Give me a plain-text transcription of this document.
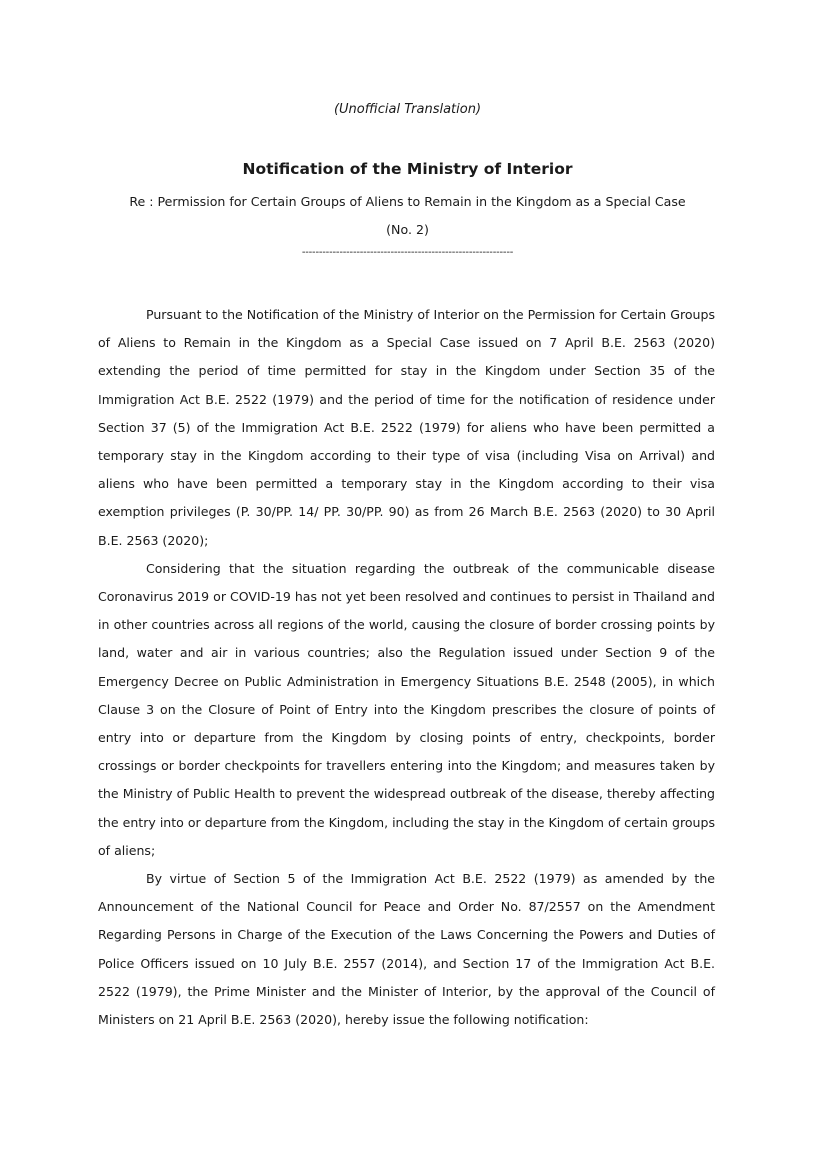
(Unofficial Translation)
Notification of the Ministry of Interior
Re : Permission for Certain Groups of Aliens to Remain in the Kingdom as a Special Case
(No. 2)
--------------------------------------------------------------

Pursuant to the Notification of the Ministry of Interior on the Permission for Certain Groups of Aliens to Remain in the Kingdom as a Special Case issued on 7 April B.E. 2563 (2020) extending the period of time permitted for stay in the Kingdom under Section 35 of the Immigration Act B.E. 2522 (1979) and the period of time for the notification of residence under Section 37 (5) of the Immigration Act B.E. 2522 (1979) for aliens who have been permitted a temporary stay in the Kingdom according to their type of visa (including Visa on Arrival) and aliens who have been permitted a temporary stay in the Kingdom according to their visa exemption privileges (P. 30/PP. 14/ PP. 30/PP. 90) as from 26 March B.E. 2563 (2020) to 30 April B.E. 2563 (2020);

Considering that the situation regarding the outbreak of the communicable disease Coronavirus 2019 or COVID-19 has not yet been resolved and continues to persist in Thailand and in other countries across all regions of the world, causing the closure of border crossing points by land, water and air in various countries; also the Regulation issued under Section 9 of the Emergency Decree on Public Administration in Emergency Situations B.E. 2548 (2005), in which Clause 3 on the Closure of Point of Entry into the Kingdom prescribes the closure of points of entry into or departure from the Kingdom by closing points of entry, checkpoints, border crossings or border checkpoints for travellers entering into the Kingdom; and measures taken by the Ministry of Public Health to prevent the widespread outbreak of the disease, thereby affecting the entry into or departure from the Kingdom, including the stay in the Kingdom of certain groups of aliens;

By virtue of Section 5 of the Immigration Act B.E. 2522 (1979) as amended by the Announcement of the National Council for Peace and Order No. 87/2557 on the Amendment Regarding Persons in Charge of the Execution of the Laws Concerning the Powers and Duties of Police Officers issued on 10 July B.E. 2557 (2014), and Section 17 of the Immigration Act B.E. 2522 (1979), the Prime Minister and the Minister of Interior, by the approval of the Council of Ministers on 21 April B.E. 2563 (2020), hereby issue the following notification:
